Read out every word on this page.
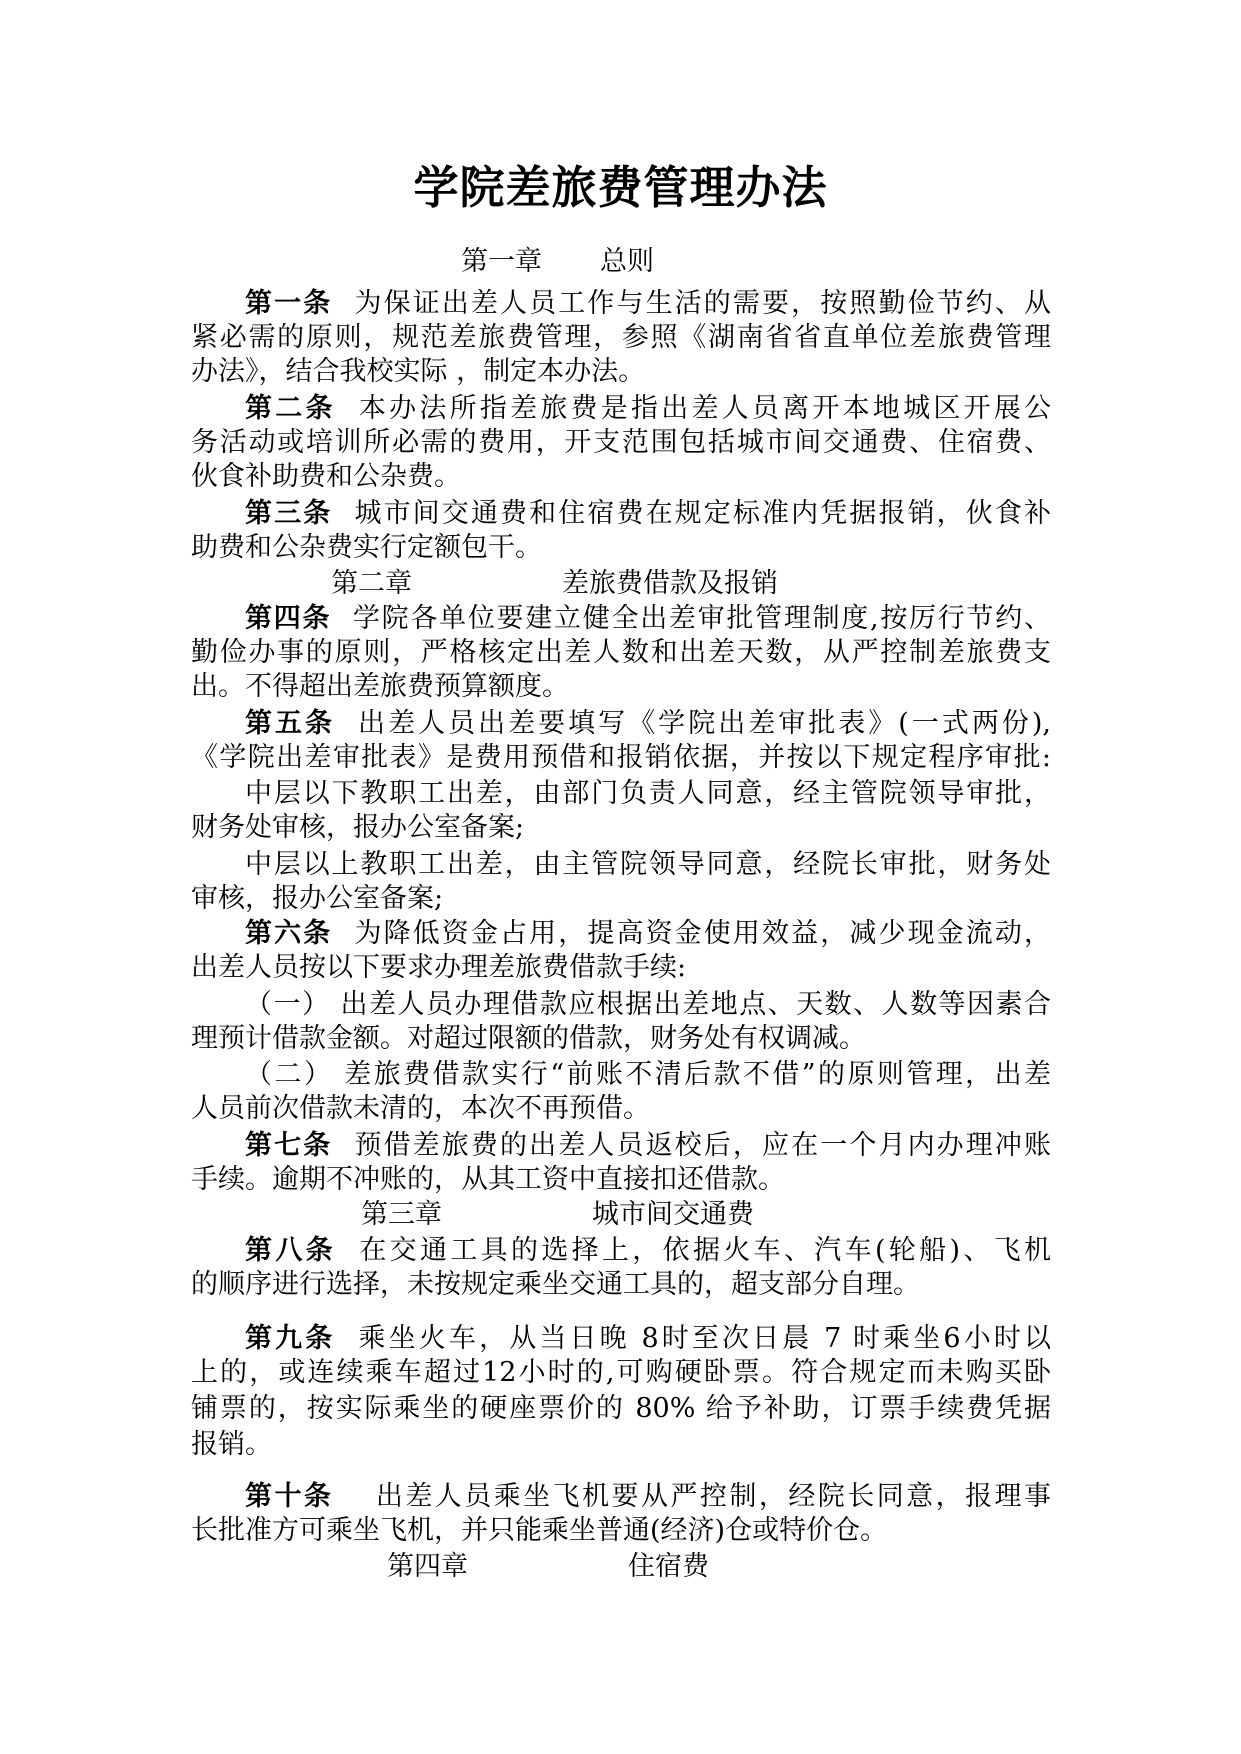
学院差旅费管理办法
第一章 总则
第一条 为保证出差人员工作与生活的需要，按照勤俭节约、从
紧必需的原则，规范差旅费管理，参照《湖南省省直单位差旅费管理
办法》，结合我校实际 ，制定本办法。
第二条 本办法所指差旅费是指出差人员离开本地城区开展公
务活动或培训所必需的费用，开支范围包括城市间交通费、住宿费、
伙食补助费和公杂费。
第三条 城市间交通费和住宿费在规定标准内凭据报销，伙食补
助费和公杂费实行定额包干。
第二章	差旅费借款及报销
第四条 学院各单位要建立健全出差审批管理制度,按厉行节约、
勤俭办事的原则，严格核定出差人数和出差天数，从严控制差旅费支
出。不得超出差旅费预算额度。
第五条 出差人员出差要填写《学院出差审批表》(一式两份),
《学院出差审批表》是费用预借和报销依据，并按以下规定程序审批:
中层以下教职工出差，由部门负责人同意，经主管院领导审批，
财务处审核，报办公室备案;
中层以上教职工出差，由主管院领导同意，经院长审批，财务处
审核，报办公室备案;
第六条 为降低资金占用，提高资金使用效益，减少现金流动，
出差人员按以下要求办理差旅费借款手续:
（一） 出差人员办理借款应根据出差地点、天数、人数等因素合
理预计借款金额。对超过限额的借款，财务处有权调减。
（二） 差旅费借款实行“前账不清后款不借”的原则管理，出差
人员前次借款未清的，本次不再预借。
第七条 预借差旅费的出差人员返校后，应在一个月内办理冲账
手续。逾期不冲账的，从其工资中直接扣还借款。
第三章	城市间交通费
第八条 在交通工具的选择上，依据火车、汽车(轮船)、飞机
的顺序进行选择，未按规定乘坐交通工具的，超支部分自理。
第九条 乘坐火车，从当日晚 8时至次日晨 7 时乘坐6小时以
上的，或连续乘车超过12小时的,可购硬卧票。符合规定而未购买卧
铺票的，按实际乘坐的硬座票价的 80% 给予补助，订票手续费凭据
报销。
第十条 出差人员乘坐飞机要从严控制，经院长同意，报理事
长批准方可乘坐飞机，并只能乘坐普通(经济)仓或特价仓。
第四章	住宿费
